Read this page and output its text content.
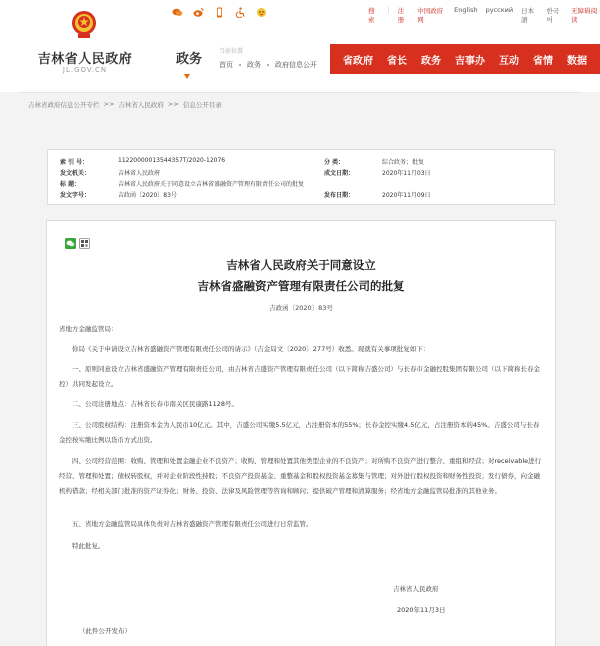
吉林省人民政府
JL.GOV.CN
搜索
| 注册
中国政府网
English русский 日本語
한국어
无障碍阅读
政务
当前位置
首页 政务 政府信息公开	省政府 省长 政务 吉事办 互动 省情 数据
吉林省政府信息公开专栏 >> 吉林省人民政府 >> 信息公开目录
索 引 号：	11220000013544357T/2020-12076	分 类：	综合政务；批复
发文机关：	吉林省人民政府	成文日期：	2020年11月03日
标 题：	吉林省人民政府关于同意设立吉林省盛融资产管理有限责任公司的批复
发文字号：	吉政函〔2020〕83号	发布日期：	2020年11月09日
吉林省人民政府关于同意设立
吉林省盛融资产管理有限责任公司的批复
吉政函〔2020〕83号
省地方金融监管局：
你局《关于申请设立吉林省盛融资产管理有限责任公司的请示》（吉金局文〔2020〕277号）收悉。现就有关事项批复如下：
一、原则同意设立吉林省盛融资产管理有限责任公司，由吉林省吉盛资产管理有限责任公司（以下简称吉盛公司）与长春市金融控股集团有限公司（以下简称长春金控）共同发起设立。
二、公司注册地点：吉林省长春市南关区民康路1128号。
三、公司股权结构：注册资本金为人民币10亿元。其中，吉盛公司实缴5.5亿元，占注册资本的55%；长春金控实缴4.5亿元，占注册资本的45%。吉盛公司与长春金控按实缴比例以货币方式出资。
四、公司经营范围：收购、管理和处置金融企业不良资产；收购、管理和处置其他类型企业的不良资产；对所购不良资产进行整合、重组和经营；对receivable进行经营、管理和处置；债权转股权，并对企业阶段性持股；不良资产投资基金、重整基金和股权投资基金募集与管理；对外进行股权投资和财务性投资；发行债券，向金融机构借款；经相关部门批准的资产证券化；财务、投资、法律及风险管理等咨询和顾问；提供破产管理和清算服务；经省地方金融监管局批准的其他业务。
五、省地方金融监管局具体负责对吉林省盛融资产管理有限责任公司进行日常监管。
特此批复。
吉林省人民政府
2020年11月3日
（此件公开发布）
